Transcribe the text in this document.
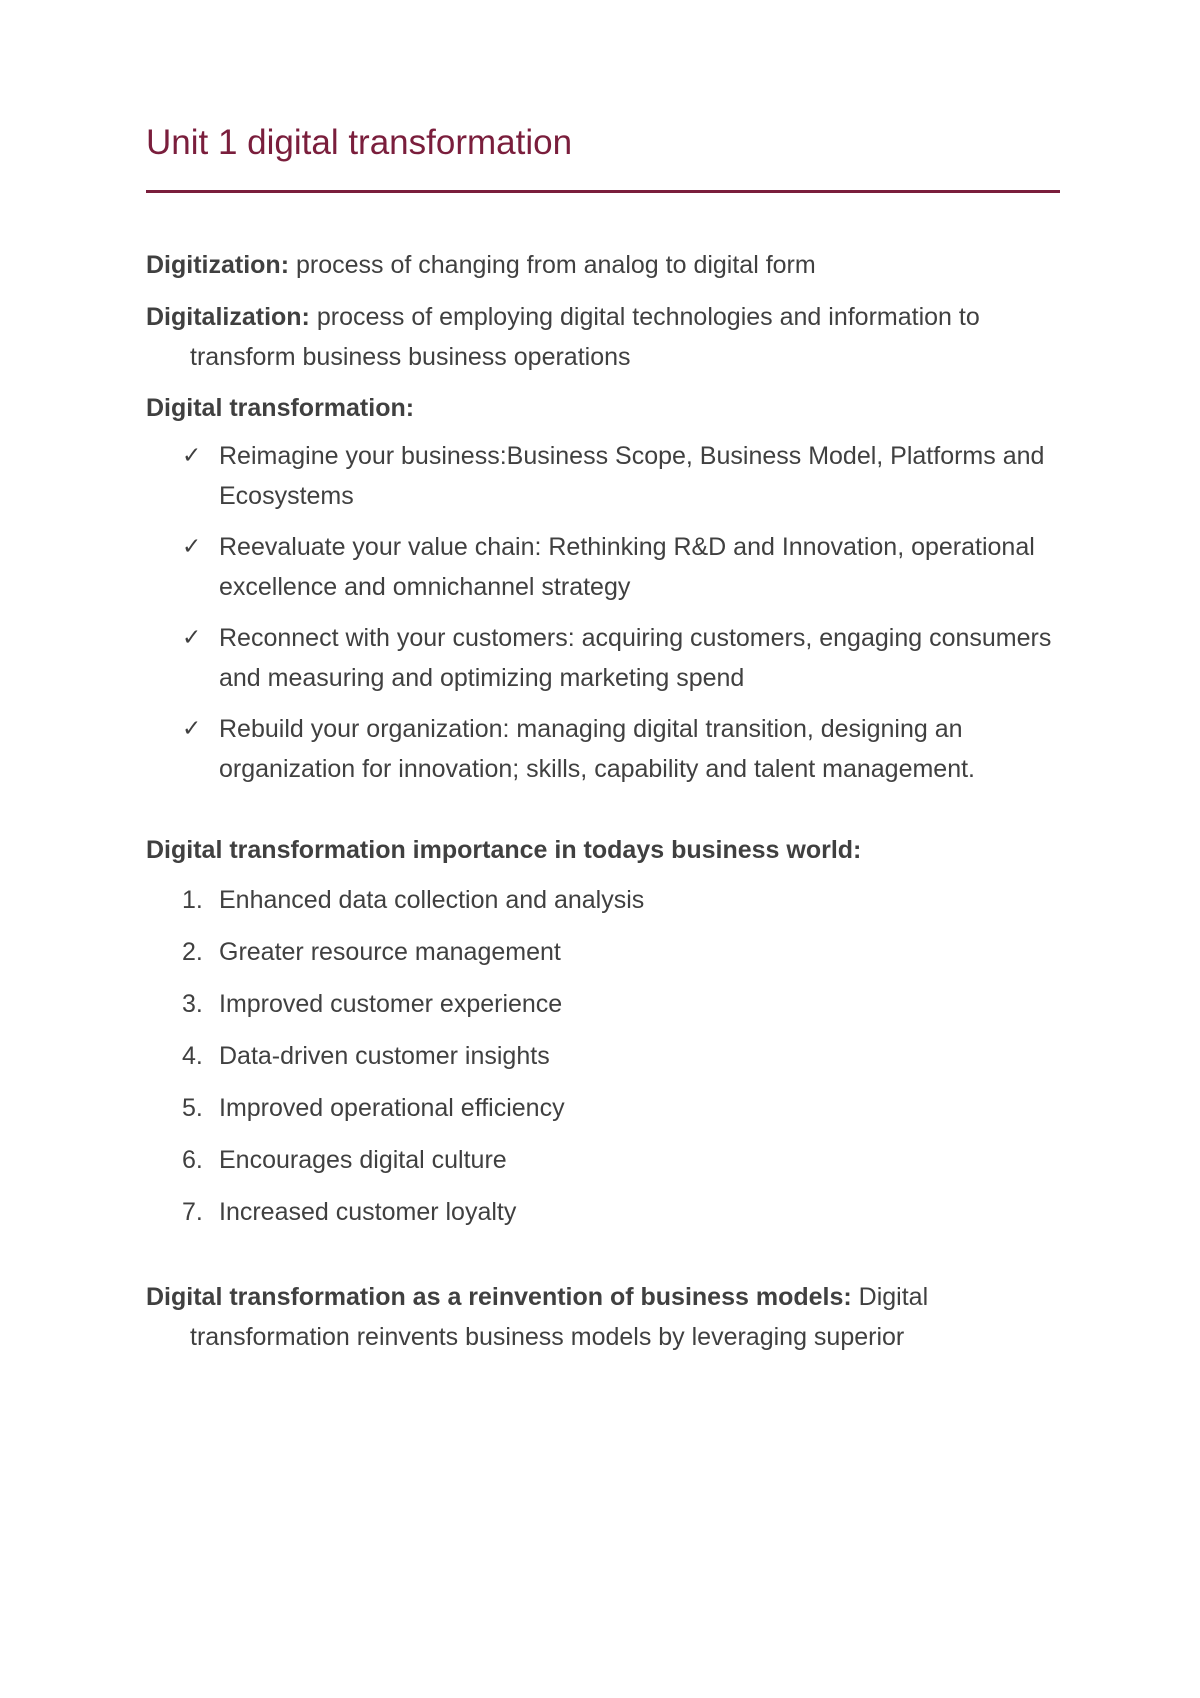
Unit 1 digital transformation

Digitization: process of changing from analog to digital form

Digitalization: process of employing digital technologies and information to transform business business operations

Digital transformation:

✓ Reimagine your business:Business Scope, Business Model, Platforms and Ecosystems
✓ Reevaluate your value chain: Rethinking R&D and Innovation, operational excellence and omnichannel strategy
✓ Reconnect with your customers: acquiring customers, engaging consumers and measuring and optimizing marketing spend
✓ Rebuild your organization: managing digital transition, designing an organization for innovation; skills, capability and talent management.

Digital transformation importance in todays business world:

1. Enhanced data collection and analysis
2. Greater resource management
3. Improved customer experience
4. Data-driven customer insights
5. Improved operational efficiency
6. Encourages digital culture
7. Increased customer loyalty

Digital transformation as a reinvention of business models: Digital transformation reinvents business models by leveraging superior
